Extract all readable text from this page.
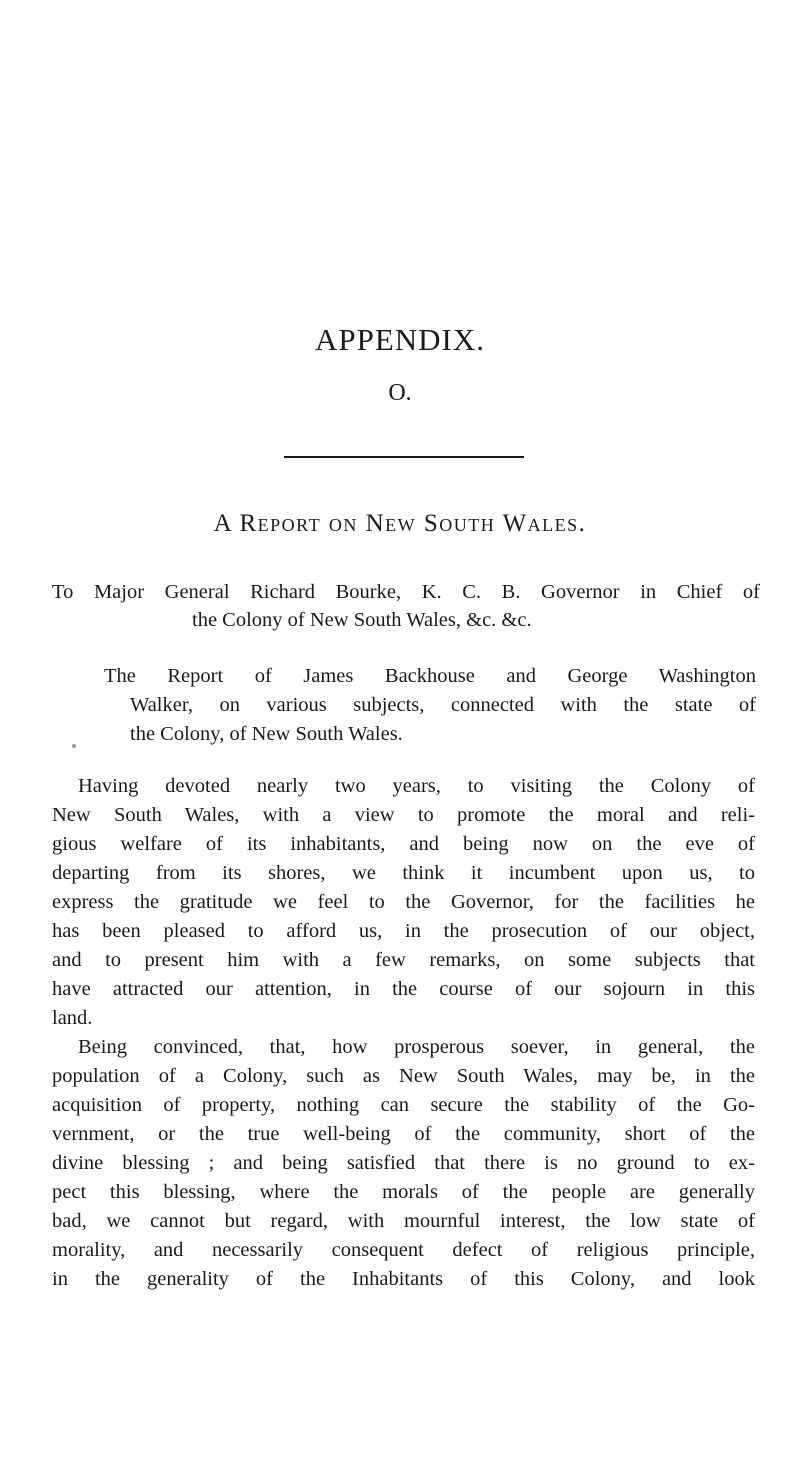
APPENDIX.
O.
A Report on New South Wales.
To Major General Richard Bourke, K. C. B. Governor in Chief of
the Colony of New South Wales, &c. &c.
The Report of James Backhouse and George Washington
Walker, on various subjects, connected with the state of
the Colony, of New South Wales.
Having devoted nearly two years, to visiting the Colony of
New South Wales, with a view to promote the moral and reli-
gious welfare of its inhabitants, and being now on the eve of
departing from its shores, we think it incumbent upon us, to
express the gratitude we feel to the Governor, for the facilities he
has been pleased to afford us, in the prosecution of our object,
and to present him with a few remarks, on some subjects that
have attracted our attention, in the course of our sojourn in this
land.
Being convinced, that, how prosperous soever, in general, the
population of a Colony, such as New South Wales, may be, in the
acquisition of property, nothing can secure the stability of the Go-
vernment, or the true well-being of the community, short of the
divine blessing ; and being satisfied that there is no ground to ex-
pect this blessing, where the morals of the people are generally
bad, we cannot but regard, with mournful interest, the low state of
morality, and necessarily consequent defect of religious principle,
in the generality of the Inhabitants of this Colony, and look
